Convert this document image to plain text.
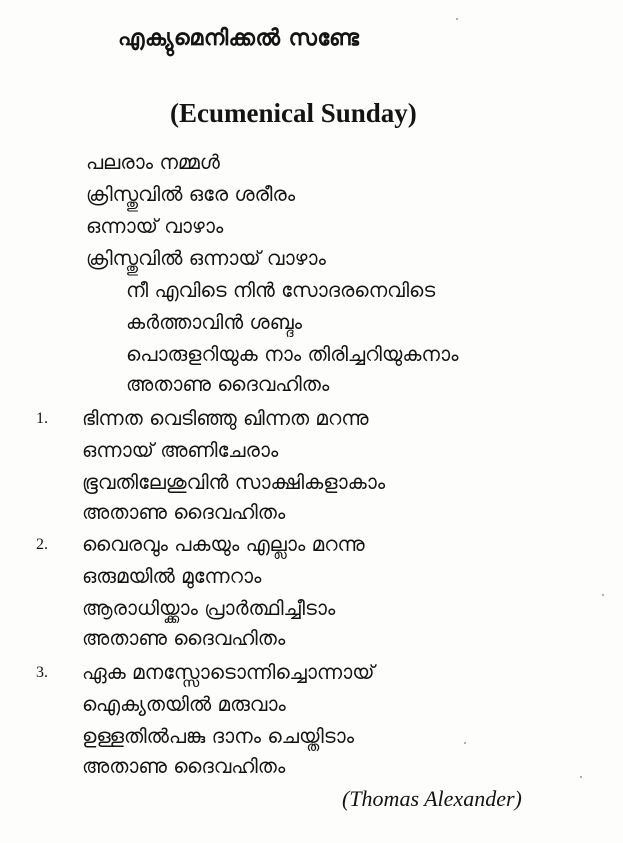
എക്യുമെനിക്കൽ സണ്ടേ
(Ecumenical Sunday)
പലരാം നമ്മൾ
ക്രിസ്തുവിൽ ഒരേ ശരീരം
ഒന്നായ് വാഴാം
ക്രിസ്തുവിൽ ഒന്നായ് വാഴാം
നീ എവിടെ നിൻ സോദരനെവിടെ
കർത്താവിൻ ശബ്ദം
പൊരുളറിയുക നാം തിരിച്ചറിയുകനാം
അതാണു ദൈവഹിതം
1. ഭിന്നത വെടിഞ്ഞു ഖിന്നത മറന്നു
ഒന്നായ് അണിചേരാം
ഭൂവതിലേശുവിൻ സാക്ഷികളാകാം
അതാണു ദൈവഹിതം
2. വൈരവും പകയും എല്ലാം മറന്നു
ഒരുമയിൽ മുന്നേറാം
ആരാധിയ്ക്കാം പ്രാർത്ഥിച്ചീടാം
അതാണു ദൈവഹിതം
3. ഏക മനസ്സോടൊന്നിച്ചൊന്നായ്
ഐക്യതയിൽ മരുവാം
ഉള്ളതിൽപങ്കു ദാനം ചെയ്തിടാം
അതാണു ദൈവഹിതം
(Thomas Alexander)
